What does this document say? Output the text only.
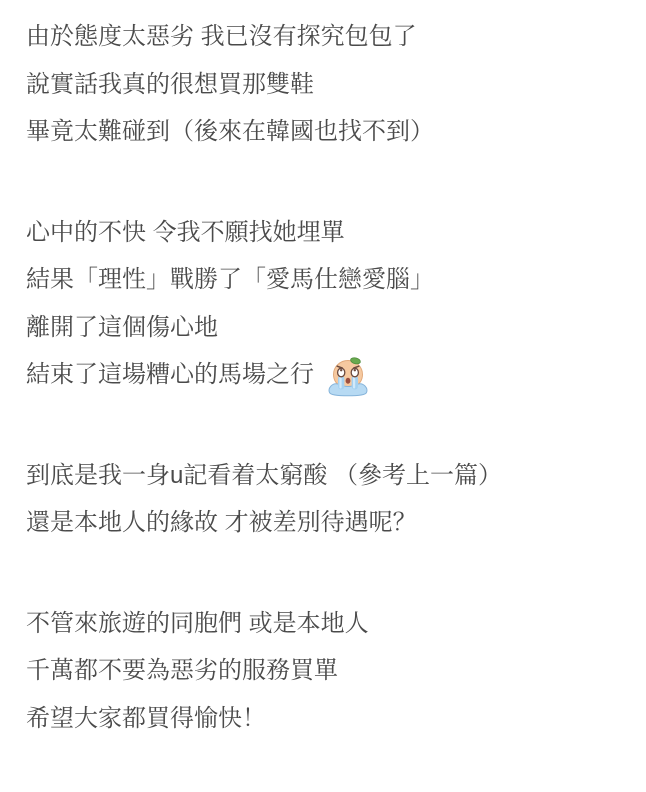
由於態度太惡劣 我已沒有探究包包了
說實話我真的很想買那雙鞋
畢竟太難碰到（後來在韓國也找不到）
心中的不快 令我不願找她埋單
結果「理性」戰勝了「愛馬仕戀愛腦」
離開了這個傷心地
結束了這場糟心的馬場之行
到底是我一身u記看着太窮酸 （參考上一篇）
還是本地人的緣故 才被差別待遇呢？
不管來旅遊的同胞們 或是本地人
千萬都不要為惡劣的服務買單
希望大家都買得愉快！
